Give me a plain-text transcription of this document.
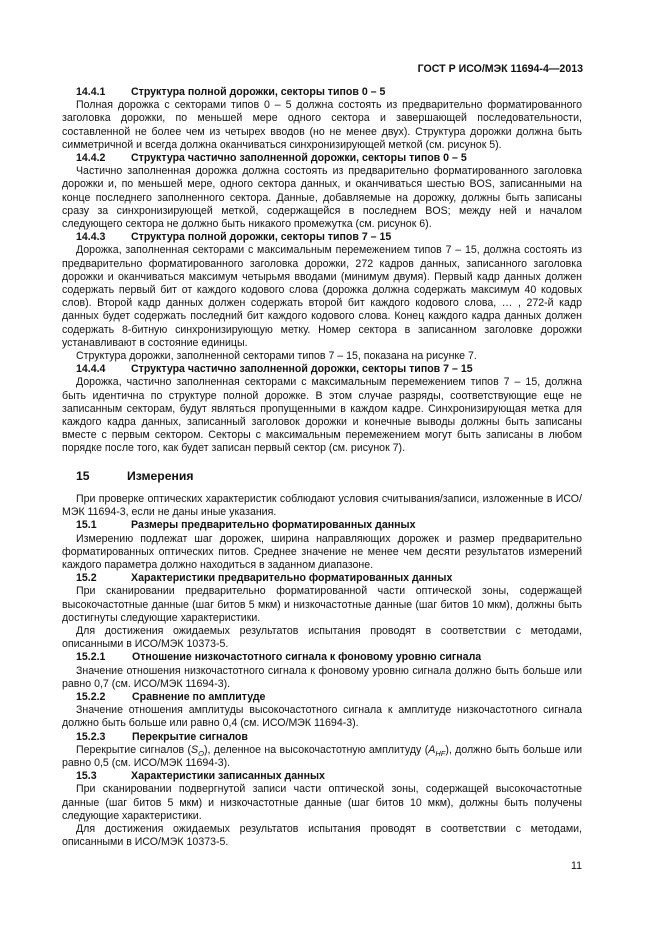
ГОСТ Р ИСО/МЭК 11694-4—2013
14.4.1	Структура полной дорожки, секторы типов 0 – 5

Полная дорожка с секторами типов 0 – 5 должна состоять из предварительно форматированного заголовка дорожки, по меньшей мере одного сектора и завершающей последовательности, составленной не более чем из четырех вводов (но не менее двух). Структура дорожки должна быть симметричной и всегда должна оканчиваться синхронизирующей меткой (см. рисунок 5).

14.4.2	Структура частично заполненной дорожки, секторы типов 0 – 5

Частично заполненная дорожка должна состоять из предварительно форматированного заголовка дорожки и, по меньшей мере, одного сектора данных, и оканчиваться шестью BOS, записанными на конце последнего заполненного сектора. Данные, добавляемые на дорожку, должны быть записаны сразу за синхронизирующей меткой, содержащейся в последнем BOS; между ней и началом следующего сектора не должно быть никакого промежутка (см. рисунок 6).

14.4.3	Структура полной дорожки, секторы типов 7 – 15

Дорожка, заполненная секторами с максимальным перемежением типов 7 – 15, должна состоять из предварительно форматированного заголовка дорожки, 272 кадров данных, записанного заголовка дорожки и оканчиваться максимум четырьмя вводами (минимум двумя). Первый кадр данных должен содержать первый бит от каждого кодового слова (дорожка должна содержать максимум 40 кодовых слов). Второй кадр данных должен содержать второй бит каждого кодового слова, … , 272-й кадр данных будет содержать последний бит каждого кодового слова. Конец каждого кадра данных должен содержать 8-битную синхронизирующую метку. Номер сектора в записанном заголовке дорожки устанавливают в состояние единицы.

Структура дорожки, заполненной секторами типов 7 – 15, показана на рисунке 7.

14.4.4	Структура частично заполненной дорожки, секторы типов 7 – 15

Дорожка, частично заполненная секторами с максимальным перемежением типов 7 – 15, должна быть идентична по структуре полной дорожке. В этом случае разряды, соответствующие еще не записанным секторам, будут являться пропущенными в каждом кадре. Синхронизирующая метка для каждого кадра данных, записанный заголовок дорожки и конечные выводы должны быть записаны вместе с первым сектором. Секторы с максимальным перемежением могут быть записаны в любом порядке после того, как будет записан первый сектор (см. рисунок 7).

15	Измерения

При проверке оптических характеристик соблюдают условия считывания/записи, изложенные в ИСО/МЭК 11694-3, если не даны иные указания.

15.1	Размеры предварительно форматированных данных

Измерению подлежат шаг дорожек, ширина направляющих дорожек и размер предварительно форматированных оптических питов. Среднее значение не менее чем десяти результатов измерений каждого параметра должно находиться в заданном диапазоне.

15.2	Характеристики предварительно форматированных данных

При сканировании предварительно форматированной части оптической зоны, содержащей высокочастотные данные (шаг битов 5 мкм) и низкочастотные данные (шаг битов 10 мкм), должны быть достигнуты следующие характеристики.

Для достижения ожидаемых результатов испытания проводят в соответствии с методами, описанными в ИСО/МЭК 10373-5.

15.2.1	Отношение низкочастотного сигнала к фоновому уровню сигнала

Значение отношения низкочастотного сигнала к фоновому уровню сигнала должно быть больше или равно 0,7 (см. ИСО/МЭК 11694-3).

15.2.2	Сравнение по амплитуде

Значение отношения амплитуды высокочастотного сигнала к амплитуде низкочастотного сигнала должно быть больше или равно 0,4 (см. ИСО/МЭК 11694-3).

15.2.3	Перекрытие сигналов

Перекрытие сигналов $(S_O)$, деленное на высокочастотную амплитуду $(A_{HF})$, должно быть больше или равно 0,5 (см. ИСО/МЭК 11694-3).

15.3	Характеристики записанных данных

При сканировании подвергнутой записи части оптической зоны, содержащей высокочастотные данные (шаг битов 5 мкм) и низкочастотные данные (шаг битов 10 мкм), должны быть получены следующие характеристики.

Для достижения ожидаемых результатов испытания проводят в соответствии с методами, описанными в ИСО/МЭК 10373-5.

11
